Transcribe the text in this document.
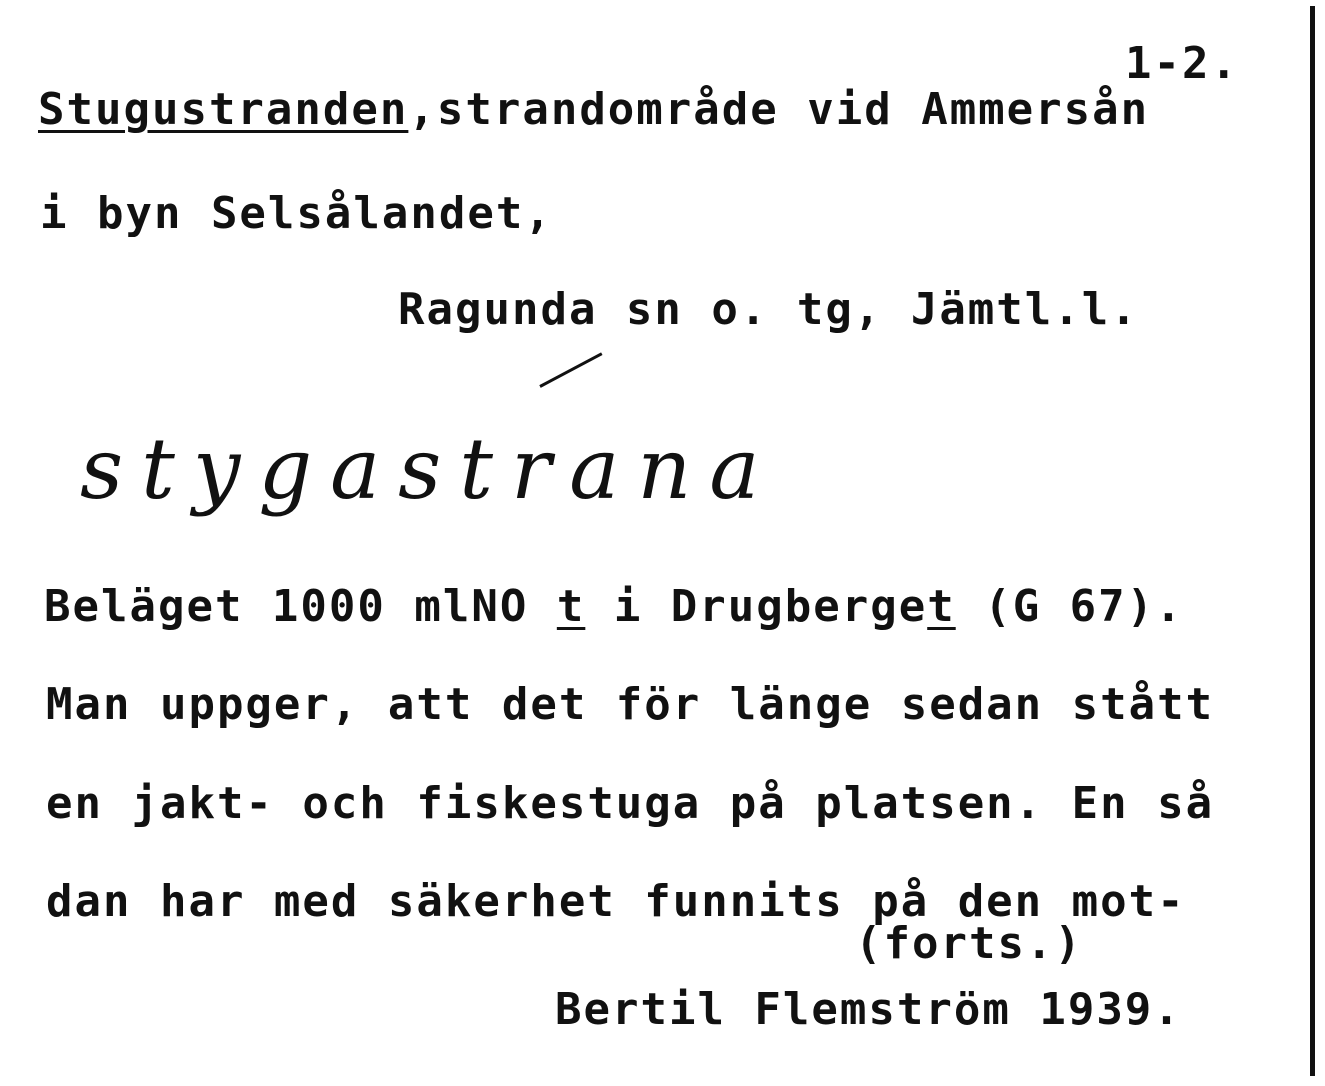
1-2.
Stugustranden,strandområde vid Ammersån
i byn Selsålandet,
Ragunda sn o. tg, Jämtl.l.
stygastrana
Beläget 1000 mlNO t i Drugberget (G 67).
Man uppger, att det för länge sedan stått
en jakt- och fiskestuga på platsen. En så
dan har med säkerhet funnits på den mot-
(forts.)
Bertil Flemström 1939.
